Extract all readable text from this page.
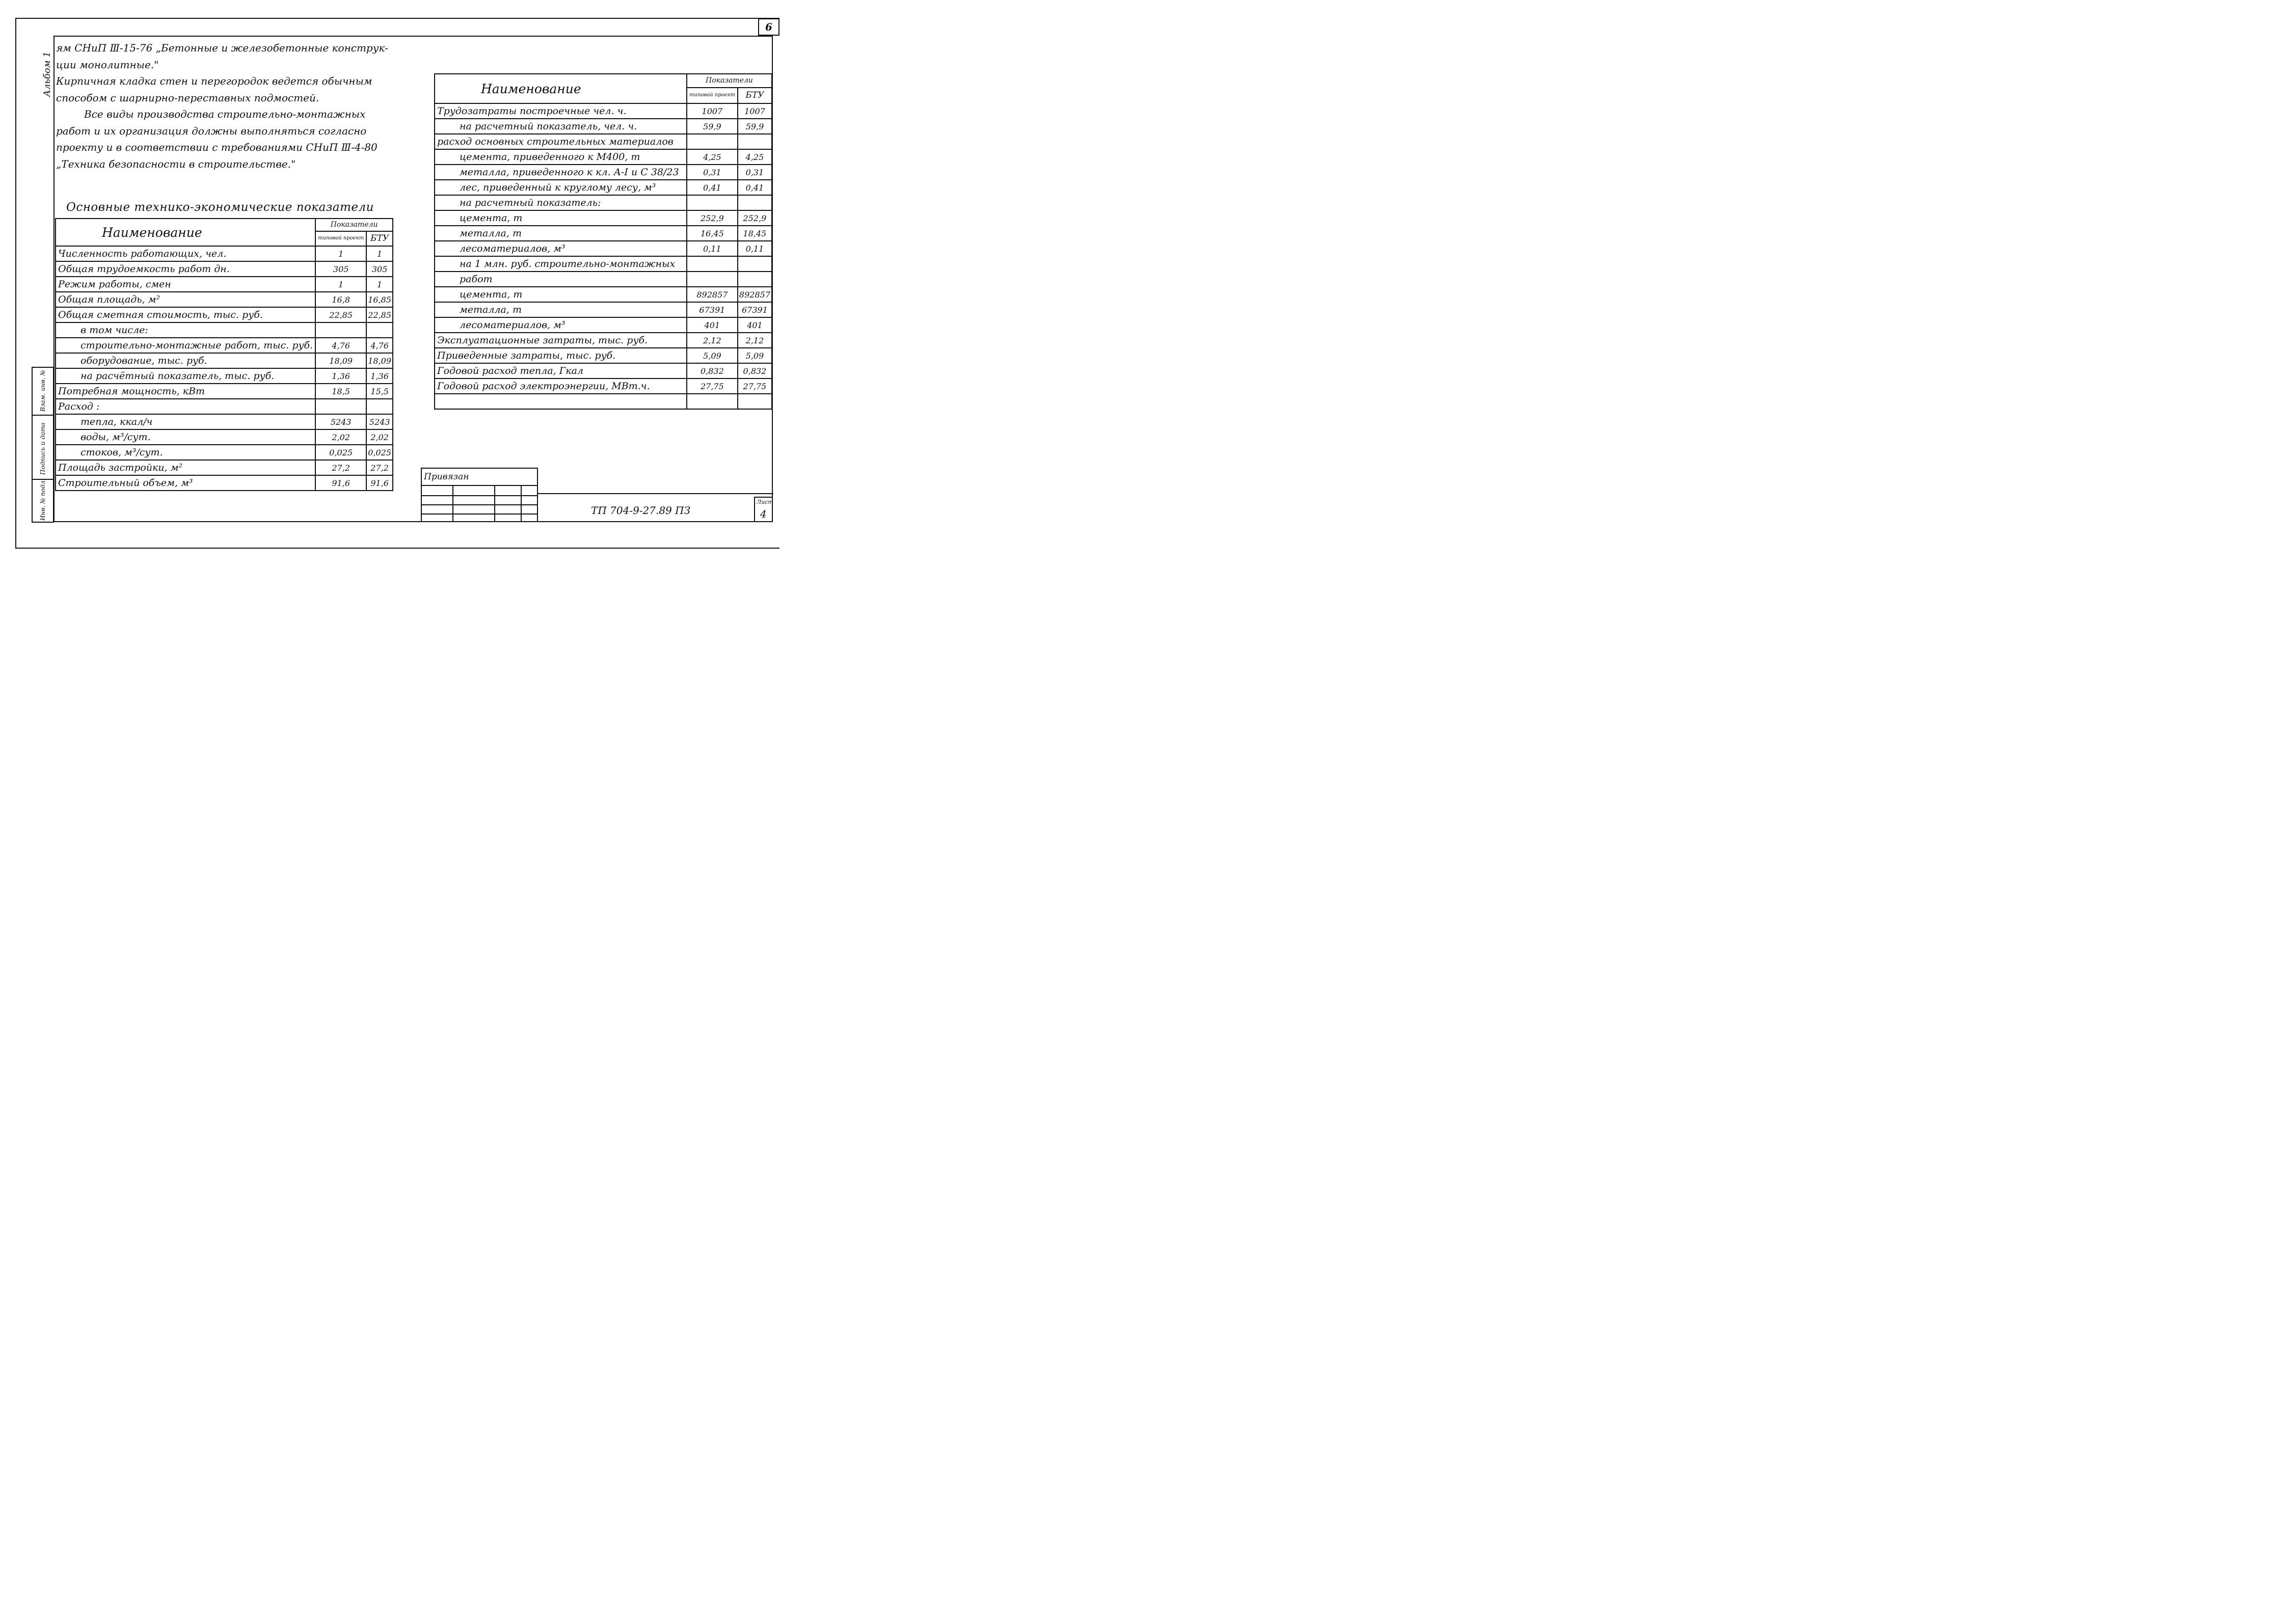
6
Альбом 1

ям СНиП Ⅲ-15-76 „Бетонные и железобетонные конструк-

ции монолитные."

Кирпичная кладка стен и перегородок ведется обычным

способом с шарнирно-переставных подмостей.

Все виды производства строительно-монтажных

работ и их организация должны выполняться согласно

проекту и в соответствии с требованиями СНиП Ⅲ-4-80

„Техника безопасности в строительстве."

Основные технико-экономические показатели
Наименование	Показатели	
	типовой проект	БТУ
Численность работающих, чел.	1	1
Общая трудоемкость работ дн.	305	305
Режим работы, смен	1	1
Общая площадь, м²	16,8	16,85
Общая сметная стоимость, тыс. руб.	22,85	22,85
в том числе:		
строительно-монтажные работ, тыс. руб.	4,76	4,76
оборудование, тыс. руб.	18,09	18,09
на расчётный показатель, тыс. руб.	1,36	1,36
Потребная мощность, кВт	18,5	15,5
Расход :		
тепла, ккал/ч	5243	5243
воды, м³/сут.	2,02	2,02
стоков, м³/сут.	0,025	0,025
Площадь застройки, м²	27,2	27,2
Строительный объем, м³	91,6	91,6
Наименование	Показатели	
	типовой проект	БТУ
Трудозатраты построечные чел. ч.	1007	1007
на расчетный показатель, чел. ч.	59,9	59,9
расход основных строительных материалов		
цемента, приведенного к М400, т	4,25	4,25
металла, приведенного к кл. А-Ⅰ и С 38/23	0,31	0,31
лес, приведенный к круглому лесу, м³	0,41	0,41
на расчетный показатель:		
цемента, т	252,9	252,9
металла, т	16,45	18,45
лесоматериалов, м³	0,11	0,11
на 1 млн. руб. строительно-монтажных		
работ		
цемента, т	892857	892857
металла, т	67391	67391
лесоматериалов, м³	401	401
Эксплуатационные затраты, тыс. руб.	2,12	2,12
Приведенные затраты, тыс. руб.	5,09	5,09
Годовой расход тепла, Гкал	0,832	0,832
Годовой расход электроэнергии, МВт.ч.	27,75	27,75

Инв. № подл.
Подпись и дата
Взам. инв. №
Привязан
ТП 704-9-27.89 ПЗ
Лист
4
